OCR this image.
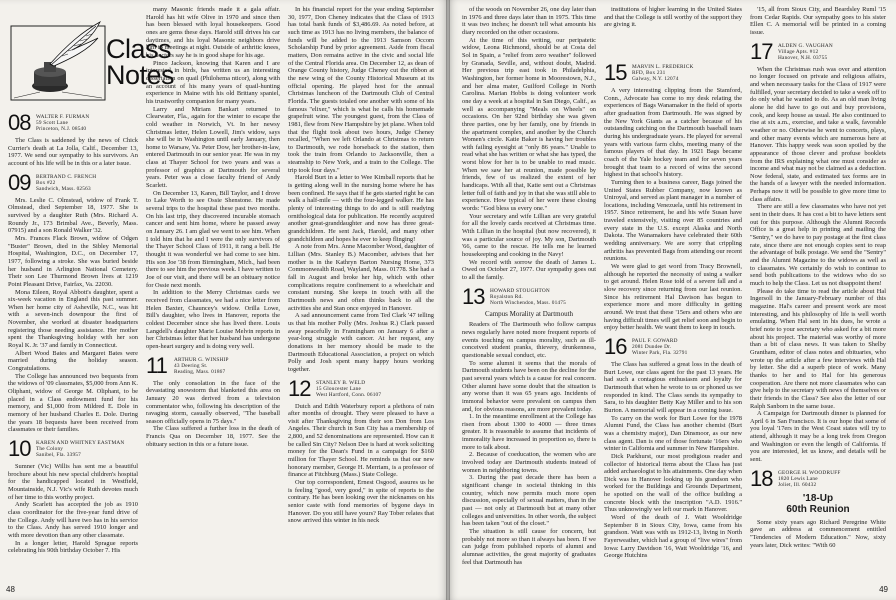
Class
Notes
08	WALTER F. FURMAN
59 Scott Lane
Princeton, N.J. 08540

The Class is saddened by the news of Chick Currier's death at La Jolla, Calif., December 13, 1977. We send our sympathy to his survivors. An account of his life will be in this or a later issue.

09	BERTRAND C. FRENCH
Box #22
Sandwich, Mass. 02563

Mrs. Leslie C. Olmstead, widow of Frank T. Olmstead, died September 18, 1977. She is survived by a daughter Ruth (Mrs. Richard A. Roundy Jr., 173 Brimbal Ave., Beverly, Mass. 07915) and a son Ronald Walker '32.

Mrs. Frances Flack Brown, widow of Odgen "Buster" Brown, died in the Sibley Memorial Hospital, Washington, D.C., on December 17, 1977, following a stroke. She was buried beside her husband in Arlington National Cemetery. Their son Lee Thurmond Brown lives at 1219 Point Pleasant Drive, Fairfax, Va. 22030.

Mona Eileen, Royal Abbott's daughter, spent a six-week vacation in England this past summer. When her home city of Asheville, N.C., was hit with a seven-inch downpour the first of November, she worked at disaster headquarters registering those needing assistance. Her mother spent the Thanksgiving holiday with her son Royal K. Jr. '37 and family in Connecticut.

Albert Wood Bates and Margaret Bates were married during the holiday season. Congratulations.

The College has announced two bequests from the widows of '09 classmates, $5,000 from Ann K. Oliphant, widow of George M. Oliphant, to be placed in a Class endowment fund for his memory, and $1,000 from Mildred E. Dole in memory of her husband Charles E. Dole. During the years 18 bequests have been received from classmates or their families.

10	KAREN AND WHITNEY EASTMAN
The Colony
Sanibel, Fla. 33957

Sumner (Vic) Willis has sent me a beautiful brochure about his new special children's hospital for the handicapped located in Westfield, Mountainside, N.J. Vic's wife Ruth devotes much of her time to this worthy project.

Andy Scarlett has accepted the job as 1910 class coordinator for the five-year fund drive of the College. Andy will have two has in his service to the Class. Andy has served 1910 longer and with more devotion than any other classmate.

In a longer letter, Harold Sprague reports celebrating his 90th birthday October 7. His

many Masonic friends made it a gala affair. Harold has hit wife Olive in 1970 and since then has been blessed with loyal housekeepers. Good ones are gems these days. Harold still drives his car daytimes, and his loyal Masonic neighbors drive him to meetings at night. Outside of arthritic knees, his doctors say he is in good shape for his age.

Pinco Jackson, knowing that Karen and I are interested in birds, has written us an interesting dissertation on quail (Philohema nticor), along with an account of his many years of quail-hunting experience in Maine with his old Brittany spaniel, his trustworthy companion for many years.

Larry and Miriam Bankart returned to Clearwater, Fla., again for the winter to escape the cold weather in Norwich, Vt. In her newsy Christmas letter, Helen Lowell, Jim's widow, says she will be in Washington until early January, then home to Warsaw, Va. Peter Dow, her brother-in-law, entered Dartmouth in our senior year. He was in my class at Thayer School for two years and was a professor of graphics at Dartmouth for several years. Peter was a close faculty friend of Andy Scarlett.

On December 13, Karen, Bill Taylor, and I drove to Lake Worth to see Ossie Shenstone. He made several trips to the hospital these past two months. On his last trip, they discovered incurable stomach cancer and sent him home, where he passed away on January 26. I am glad we went to see him. When I told him that he and I were the only survivors of the Thayer School Class of 1911, it rang a bell. He thought it was wonderful we had come to see him. His son Joe '38 from Birmingham, Mich., had been there to see him the previous week. I have written to Joe of our visit, and there will be an obituary notice for Ossie next month.

In addition to the Merry Christmas cards we received from classmates, we had a nice letter from Helen Baxter, Chauncey's widow. Orilla Lowe, Bill's daughter, who lives in Hanover, reports the coldest December since she has lived there. Louis Langdell's daughter Marie Louise Melvin reports in her Christmas letter that her husband has undergone open-heart surgery and is doing very well.

11	ARTHUR G. WINSHIP
43 Deering St.
Reading, Mass. 01867

The only consolation in the face of the devastating snowstorm that blanketed this area on January 20 was derived from a television commentator who, following his description of the ravaging storm, casually observed, "The baseball season officially opens in 75 days."

The Class suffered a further loss in the death of Francis Qua on December 18, 1977. See the obituary section in this or a future issue.

In his financial report for the year ending September 30, 1977, Don Cheney indicates that the Class of 1913 has total bank funds of $3,486.69. As noted before, at such time as 1913 has no living members, the balance of funds will be added to the 1913 Samson Occom Scholarship Fund by prior agreement. Aside from fiscal matters, Don remains active in the civic and social life of the Central Florida area. On December 12, as dean of Orange County history, Judge Cheney cut the ribbon at the new wing of the County Historical Museum at its official opening. He played host for the annual Christmas luncheon of the Dartmouth Club of Central Florida. The guests totaled one another with some of his famous "elixer," which is what he calls his homemade grapefruit wine. The youngest guest, from the Class of 1981, flew from New Hampshire by jet plane. When told that the flight took about two hours, Judge Cheney recalled, "When we left Orlando at Christmas to return to Dartmouth, we rode horseback to the station, then took the train from Orlando to Jacksonville, then a steamship to New York, and a train to the College. The trip took four days."

Harold Burt in a letter to Wee Kimball reports that he is getting along well in the nursing home where he has been confined. He says that if he gets started right he can walk a half-mile — with the four-legged walker. He has plenty of interesting things to do and is still readying ornithological data for publication. He recently acquired another great-granddaughter and now has three great-grandchildren. He sent Jack, Harold, and many other grandchildren and hopes he ever to keep flinging!

A note from Mrs. Anne Macomber Wood, daughter of Lillian (Mrs. Stanley B.) Macomber, advises that her mother is in the Kathryn Barton Nursing Home, 373 Commonwealth Road, Wayland, Mass. 01778. She had a fall in August and broke her hip, which with other complications require confinement to a wheelchair and constant nursing. She keeps in touch with all the Dartmouth news and often thinks back to all the activities she and Stan once enjoyed in Hanover.

A sad announcement came from Ted Clark '47 telling us that his mother Polly (Mrs. Joshua R.) Clark passed away peacefully in Framingham on January 6 after a year-long struggle with cancer. At her request, any donations in her memory should be made to the Dartmouth Educational Association, a project on which Polly and Josh spent many happy hours working together.

12	STANLEY B. WELD
15 Gloucester Lane
West Hartford, Conn. 06107

Dutch and Edith Waterbury report a plethora of rain after months of drought. They were pleased to have a visit after Thanksgiving from their son Don from Los Angeles. Their church in Sun City has a membership of 2,800, and 52 denominations are represented. How can it be called Sin City? Nelson Dee is hard at work soliciting money for the Dean's Fund in a campaign for $160 million for Thayer School. He reminds us that our new honorary member, George H. Merriam, is a professor of finance at Fitchburg (Mass.) State College.

Our top correspondent, Ernest Osgood, assures us he is feeling "good, very good," in spite of reports to the contrary. He has been looking over the nicknames on his senior caste with fond memories of bygone days in Hanover. Do you still have yours? Ray Tober relates that snow arrived this winter in his neck

48

of the woods on November 26, one day later than in 1976 and three days later than in 1975. This time it was two inches; he doesn't tell what amounts his diary recorded on the other occasions.

At the time of this writing, our peripatetic widow, Leona Richmond, should be at Costa del Sol in Spain, a "relief from zero weather" followed by Granada, Seville, and, without doubt, Madrid. Her previous trip east took in Philadelphia, Washington, her former home in Moorestown, N.J., and her alma mater, Guilford College in North Carolina. Marian Hobbs is doing volunteer work one day a week at a hospital in San Diego, Calif., as well as accompanying "Meals on Wheels" on occasions. On her 92nd birthday she was given three parties, one by her family, one by friends in the apartment complex, and another by the Church Women's circle. Katie Baker is having her troubles with failing eyesight at "only 86 years." Unable to read what she has written or what she has typed, the worst blow for her is to be unable to read music. When we saw her at reunion, made possible by friends, few of us realized the extent of her handicaps. With all that, Katie sent out a Christmas letter full of faith and joy in that she was still able to experience. How typical of her were these closing words: "God bless us every one."

Your secretary and wife Lillian are very grateful for all the lovely cards received at Christmas time. With Lillian in the hospital (but now recovered), it was a particular source of joy. My son, Dartmouth '66, came to the rescue. He tells me he learned housekeeping and cooking in the Navy!

We record with sorrow the death of James L. Owed on October 27, 1977. Our sympathy goes out to all the family.

13	HOWARD STOUGHTON
Royalston Rd.
North Winchendon, Mass. 01475
Campus Morality at Dartmouth

Readers of The Dartmouth who follow campus news regularly have noted more frequent reports of events touching on campus morality, such as ill-conceived student pranks, thievery, drunkenness, questionable sexual conduct, etc.

To some alumni it seems that the morals of Dartmouth students have been on the decline for the past several years which is a cause for real concern. Other alumni have some doubt that the situation is any worse than it was 65 years ago. Incidents of immoral behavior were prevalent on campus then and, for obvious reasons, are more prevalent today.

1. In the meantime enrollment at the College has risen from about 1300 to 4000 — three times greater. It is reasonable to assume that incidents of immorality have increased in proportion so, there is more to talk about.

2. Because of coeducation, the women who are involved today are Dartmouth students instead of women in neighboring towns.

3. During the past decade there has been a significant change in societal thinking in this country, which now permits much more open discussion, especially of sexual matters, than in the past — not only at Dartmouth but at many other colleges and universities. In other words, the subject has been taken "out of the closet."

The situation is still cause for concern, but probably not more so than it always has been. If we can judge from published reports of alumni and alumnae activities, the great majority of graduates feel that Dartmouth has

institutions of higher learning in the United States and that the College is still worthy of the support they are giving it.

15	MARVIN L. FREDERICK
RFD, Box 231
Galway, N.Y. 12074

A very interesting clipping from the Stamford, Conn., Advocate has come to my desk relating the experiences of Bags Wanamaker in the field of sports after graduation from Dartmouth. He was signed by the New York Giants as a catcher because of his outstanding catching on the Dartmouth baseball team during his undergraduate years. He played for several years with various farm clubs, meeting many of the famous players of that day. In 1921 Bags became coach of the Yale hockey team and for seven years brought that team to a record of wins the second highest in that school's history.

Turning then to a business career, Bags joined the United States Rubber Company, now known as Uniroyal, and served as plant manager in a number of locations, including Venezuela, until his retirement in 1957. Since retirement, he and his wife Susan have traveled extensively, visiting over 85 countries and every state in the U.S. except Alaska and North Dakota. The Wanamakers have celebrated their 60th wedding anniversary. We are sorry that crippling arthritis has prevented Bags from attending our recent reunions.

We were glad to get word from Tracy Brownell, although he reported the necessity of using a walker to get around. Helen Rose told of a severe fall and a slow recovery since returning from our last reunion. Since his retirement Hal Davison has begun to experience more and more difficulty in getting around. We trust that these '15ers and others who are having difficult times will get relief soon and begin to enjoy better health. We want them to keep in touch.

16	PAUL F. GOWARD
2081 Dundee Dr.
Winter Park, Fla. 32791

The Class has suffered a great loss in the death of Burt Lowe, our class agent for the past 13 years. He had such a contagious enthusiasm and loyalty for Dartmouth that when he wrote to us or phoned us we responded in kind. The Class sends its sympathy to Sara, to his daughter Betty Kay Miller and to his son Burton. A memorial will appear in a coming issue.

To carry on the work for Burt Lowe for the 1978 Alumni Fund, the Class has another chemist (Burt was a chemistry major), Dan Dinsmoor, as our new class agent. Dan is one of those fortunate '16ers who winter in California and summer in New Hampshire.

Dick Parkhurst, our most prodigious reader and collector of historical items about the Class has just added archaeologist to his attainments. One day when Dick was in Hanover looking up his grandson who worked for the Buildings and Grounds Department, he spotted on the wall of the office building a concrete block with the inscription "A.D. 1916." Thus unknowingly we left our mark in Hanover.

Word of the death of J. Watt Wooldridge September 8 in Sioux City, Iowa, came from his grandson. Watt was with us 1912-13, living in North Fayerweather, which had a group of "live wires" from Iowa: Larry Davidson '16, Watt Wooldridge '16, and George Hutchins

'15, all from Sioux City, and Beardsley Ruml '15 from Cedar Rapids. Our sympathy goes to his sister Ellen C. A memorial will be printed in a coming issue.

17	ALDEN G. VAUGHAN
Village Apts. #12
Hanover, N.H. 03755

When the Christmas rush was over and attention no longer focused on private and religious affairs, and when necessary tasks for the Class of 1917 were fulfilled, your secretary decided to take a week off to do only what he wanted to do. As an old man living alone he did have to go out and buy provisions, cook, and keep house as usual. He also continued to rise at six a.m., exercise, and take a walk, favorable weather or no. Otherwise he went to concerts, plays, and other many events which are numerous here at Hanover. This happy week was soon spoiled by the appearance of those clever and profuse booklets from the IRS explaining what one must consider as income and what may not be claimed as a deduction. Now federal, state, and estimated tax forms are in the hands of a lawyer with the needed information. Perhaps now it will be possible to give more time to class affairs.

There are still a few classmates who have not yet sent in their dues. It has cost a bit to have letters sent out for this purpose. Although the Alumni Records Office is a great help in printing and mailing the "Sentry," we do have to pay postage at the first class rate, since there are not enough copies sent to reap the advantage of bulk postage. We send the "Sentry" and the Alumni Magazine to the widows as well as to classmates. We certainly do wish to continue to send both publications to the widows who do so much to help the Class. Let us not disappoint them!

Please do take time to read the article about Hal Ingersoll in the January-February number of this magazine. Hal's career and present work are most interesting, and his philosophy of life is well worth emulating. When Hal sent in his dues, he wrote a brief note to your secretary who asked for a bit more about his project. The material was worthy of more than a bit of class news. It was taken to Shelby Grantham, editor of class notes and obituaries, who wrote up the article after a few interviews with Hal by letter. She did a superb piece of work. Many thanks to her and to Hal for his generous cooperation. Are there not more classmates who can give help to the secretary with news of themselves or their friends in the Class? See also the letter of our Ralph Sanborn in the same issue.

A Campaign for Dartmouth dinner is planned for April 6 in San Francisco. It is our hope that some of you loyal '17ers in the West Coast states will try to attend, although it may be a long trek from Oregon and Washington or even the length of California. If you are interested, let us know, and details will be sent.

18	GEORGE H. WOODRUFF
1820 Lewis Lane
Joliet, Ill. 60432
'18-Up
60th Reunion

Some sixty years ago Richard Peregrine White gave an address at commencement entitled "Tendencies of Modern Education." Now, sixty years later, Dick writes: "With 60

49
